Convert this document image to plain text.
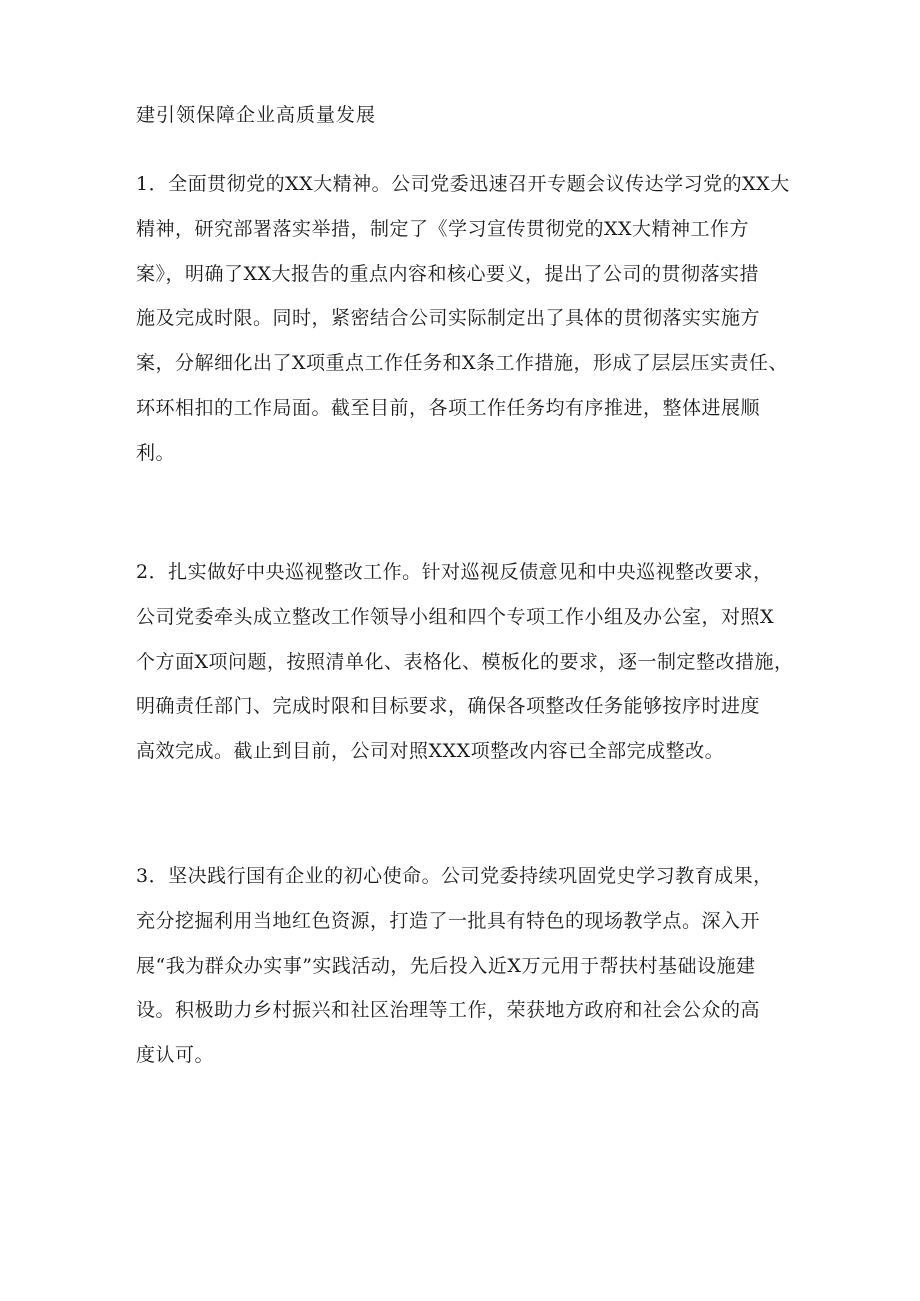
建引领保障企业高质量发展
1．全面贯彻党的XX大精神。公司党委迅速召开专题会议传达学习党的XX大
精神，研究部署落实举措，制定了《学习宣传贯彻党的XX大精神工作方
案》，明确了XX大报告的重点内容和核心要义，提出了公司的贯彻落实措
施及完成时限。同时，紧密结合公司实际制定出了具体的贯彻落实实施方
案，分解细化出了X项重点工作任务和X条工作措施，形成了层层压实责任、
环环相扣的工作局面。截至目前，各项工作任务均有序推进，整体进展顺
利。
2．扎实做好中央巡视整改工作。针对巡视反债意见和中央巡视整改要求，
公司党委牵头成立整改工作领导小组和四个专项工作小组及办公室，对照X
个方面X项问题，按照清单化、表格化、模板化的要求，逐一制定整改措施，
明确责任部门、完成时限和目标要求，确保各项整改任务能够按序时进度
高效完成。截止到目前，公司对照XXX项整改内容已全部完成整改。
3．坚决践行国有企业的初心使命。公司党委持续巩固党史学习教育成果，
充分挖掘利用当地红色资源，打造了一批具有特色的现场教学点。深入开
展“我为群众办实事”实践活动，先后投入近X万元用于帮扶村基础设施建
设。积极助力乡村振兴和社区治理等工作，荣获地方政府和社会公众的高
度认可。
